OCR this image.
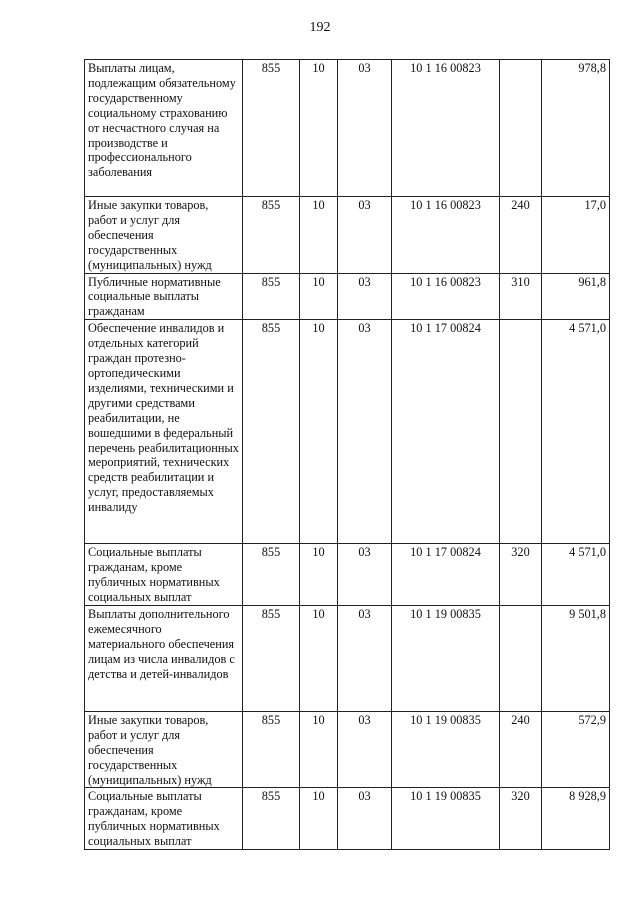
192
Выплаты лицам, подлежащим обязательному государственному социальному страхованию от несчастного случая на производстве и профессионального заболевания	855	10	03	10 1 16 00823		978,8
Иные закупки товаров, работ и услуг для обеспечения государственных (муниципальных) нужд	855	10	03	10 1 16 00823	240	17,0
Публичные нормативные социальные выплаты гражданам	855	10	03	10 1 16 00823	310	961,8
Обеспечение инвалидов и отдельных категорий граждан протезно-ортопедическими изделиями, техническими и другими средствами реабилитации, не вошедшими в федеральный перечень реабилитационных мероприятий, технических средств реабилитации и услуг, предоставляемых инвалиду	855	10	03	10 1 17 00824		4 571,0
Социальные выплаты гражданам, кроме публичных нормативных социальных выплат	855	10	03	10 1 17 00824	320	4 571,0
Выплаты дополнительного ежемесячного материального обеспечения лицам из числа инвалидов с детства и детей-инвалидов	855	10	03	10 1 19 00835		9 501,8
Иные закупки товаров, работ и услуг для обеспечения государственных (муниципальных) нужд	855	10	03	10 1 19 00835	240	572,9
Социальные выплаты гражданам, кроме публичных нормативных социальных выплат	855	10	03	10 1 19 00835	320	8 928,9
